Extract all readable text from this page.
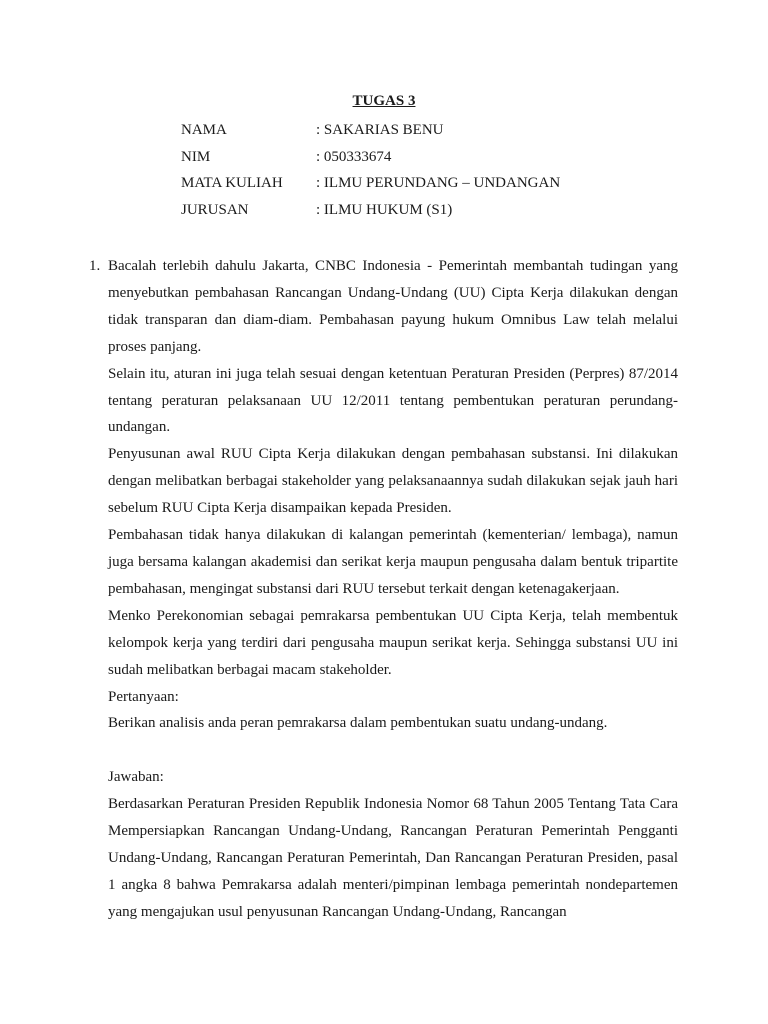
TUGAS 3
NAMA	: SAKARIAS BENU
NIM	: 050333674
MATA KULIAH : ILMU PERUNDANG – UNDANGAN
JURUSAN	: ILMU HUKUM (S1)
1. Bacalah terlebih dahulu Jakarta, CNBC Indonesia - Pemerintah membantah tudingan yang menyebutkan pembahasan Rancangan Undang-Undang (UU) Cipta Kerja dilakukan dengan tidak transparan dan diam-diam. Pembahasan payung hukum Omnibus Law telah melalui proses panjang.

Selain itu, aturan ini juga telah sesuai dengan ketentuan Peraturan Presiden (Perpres) 87/2014 tentang peraturan pelaksanaan UU 12/2011 tentang pembentukan peraturan perundang-undangan.

Penyusunan awal RUU Cipta Kerja dilakukan dengan pembahasan substansi. Ini dilakukan dengan melibatkan berbagai stakeholder yang pelaksanaannya sudah dilakukan sejak jauh hari sebelum RUU Cipta Kerja disampaikan kepada Presiden.

Pembahasan tidak hanya dilakukan di kalangan pemerintah (kementerian/ lembaga), namun juga bersama kalangan akademisi dan serikat kerja maupun pengusaha dalam bentuk tripartite pembahasan, mengingat substansi dari RUU tersebut terkait dengan ketenagakerjaan.

Menko Perekonomian sebagai pemrakarsa pembentukan UU Cipta Kerja, telah membentuk kelompok kerja yang terdiri dari pengusaha maupun serikat kerja. Sehingga substansi UU ini sudah melibatkan berbagai macam stakeholder.

Pertanyaan:

Berikan analisis anda peran pemrakarsa dalam pembentukan suatu undang-undang.

Jawaban:

Berdasarkan Peraturan Presiden Republik Indonesia Nomor 68 Tahun 2005 Tentang Tata Cara Mempersiapkan Rancangan Undang-Undang, Rancangan Peraturan Pemerintah Pengganti Undang-Undang, Rancangan Peraturan Pemerintah, Dan Rancangan Peraturan Presiden, pasal 1 angka 8 bahwa Pemrakarsa adalah menteri/pimpinan lembaga pemerintah nondepartemen yang mengajukan usul penyusunan Rancangan Undang-Undang, Rancangan
